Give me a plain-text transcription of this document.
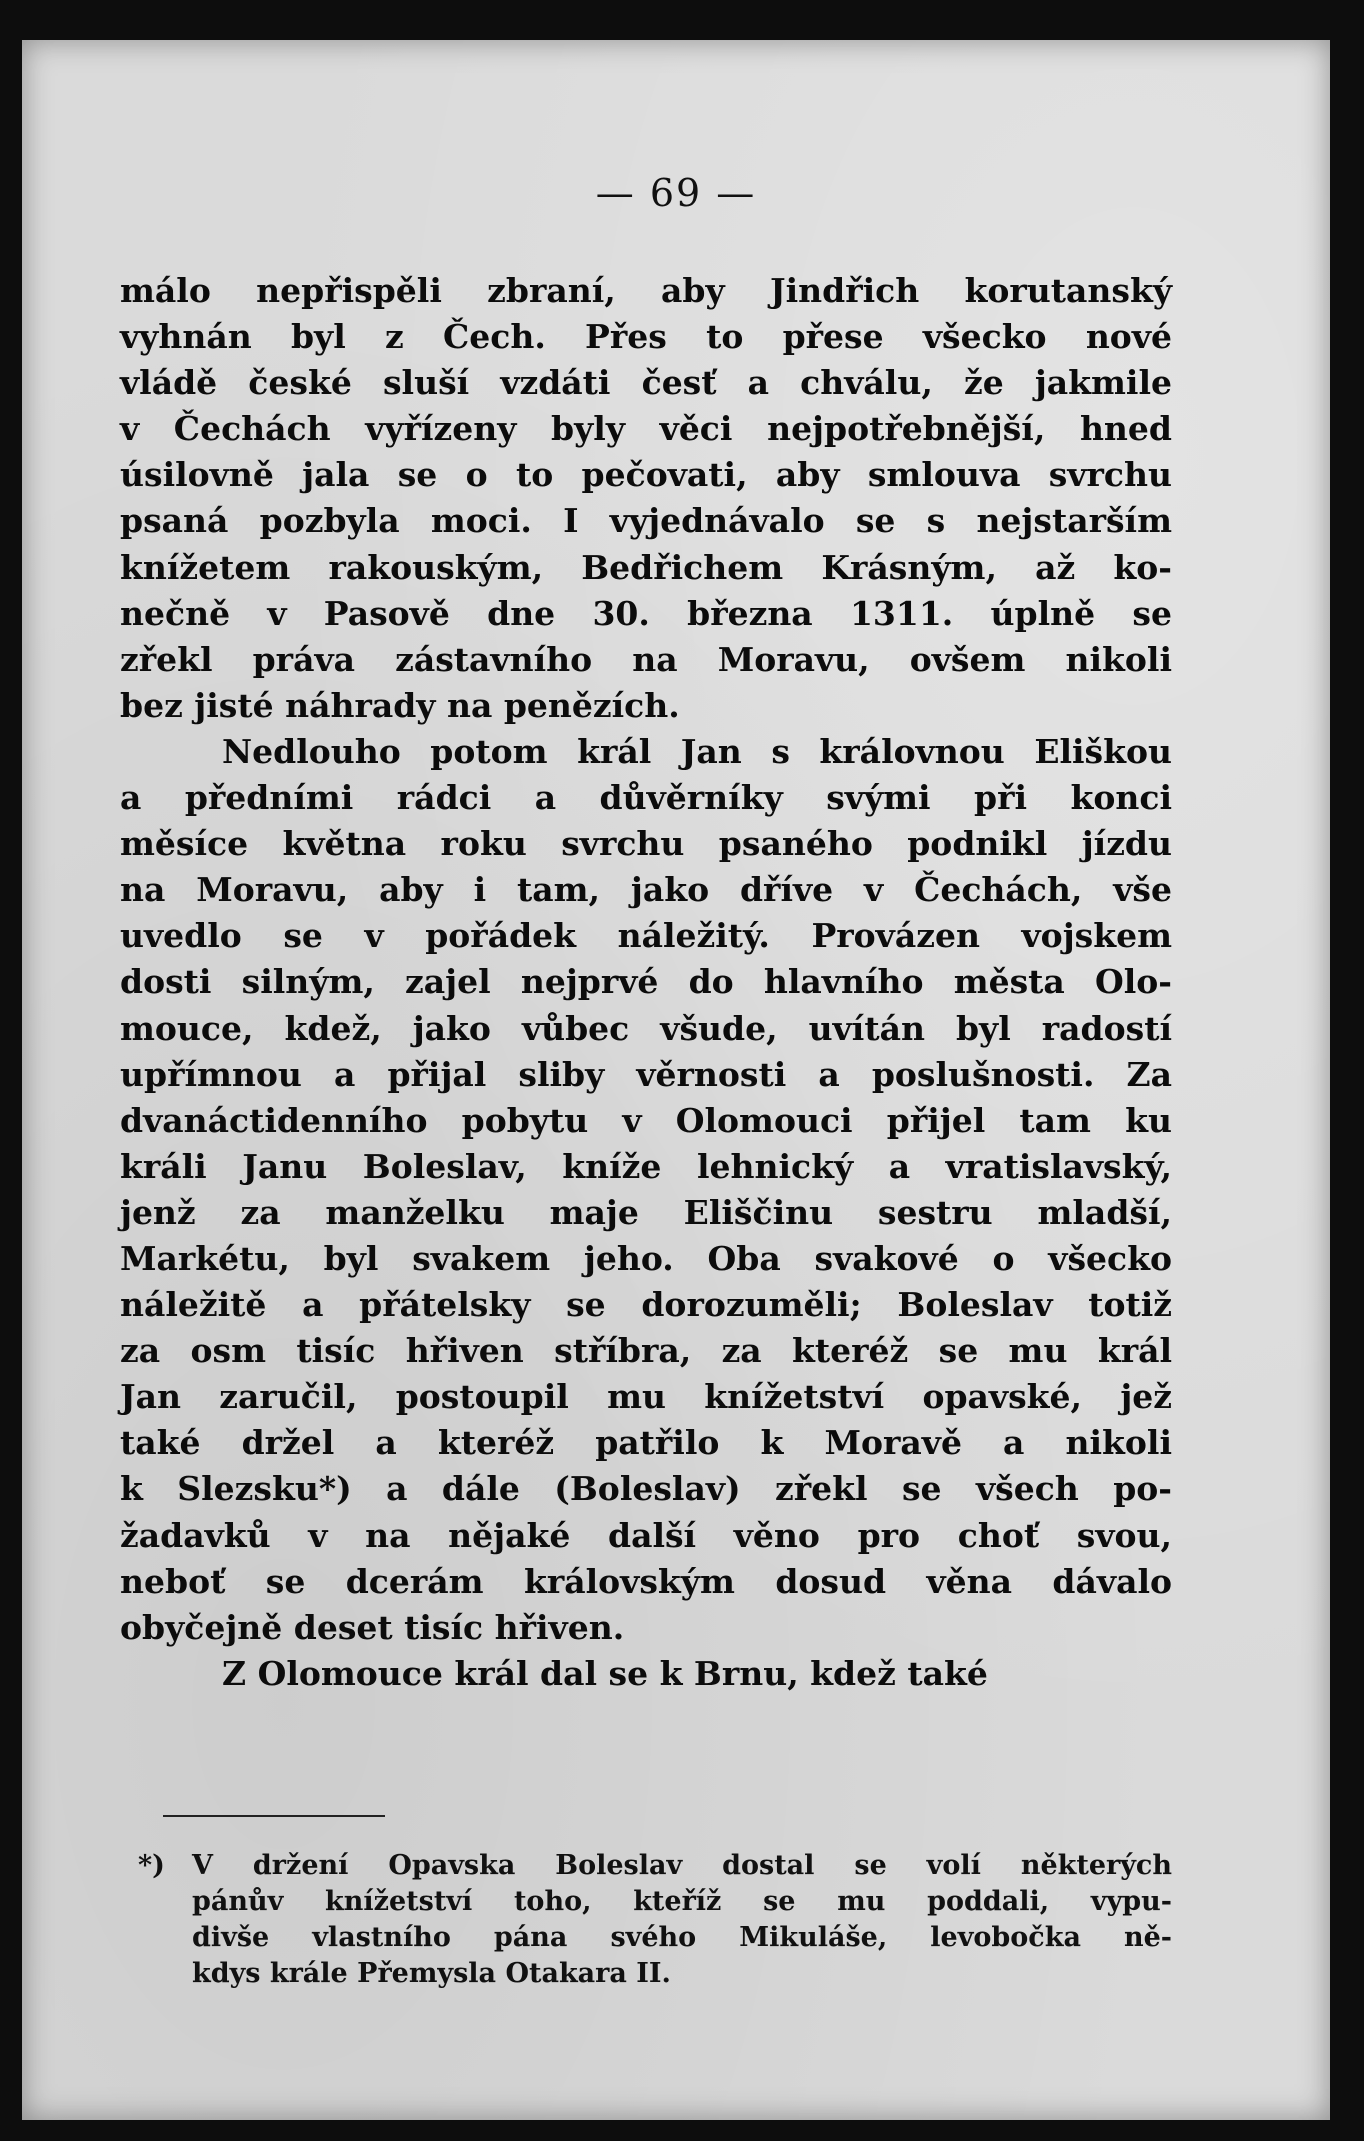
— 69 —

málo nepřispěli zbraní, aby Jindřich korutanský

vyhnán byl z Čech. Přes to přese všecko nové

vládě české sluší vzdáti česť a chválu, že jakmile

v Čechách vyřízeny byly věci nejpotřebnější, hned

úsilovně jala se o to pečovati, aby smlouva svrchu

psaná pozbyla moci. I vyjednávalo se s nejstarším

knížetem rakouským, Bedřichem Krásným, až ko-

nečně v Pasově dne 30. března 1311. úplně se

zřekl práva zástavního na Moravu, ovšem nikoli

bez jisté náhrady na penězích.

Nedlouho potom král Jan s královnou Eliškou

a předními rádci a důvěrníky svými při konci

měsíce května roku svrchu psaného podnikl jízdu

na Moravu, aby i tam, jako dříve v Čechách, vše

uvedlo se v pořádek náležitý. Provázen vojskem

dosti silným, zajel nejprvé do hlavního města Olo-

mouce, kdež, jako vůbec všude, uvítán byl radostí

upřímnou a přijal sliby věrnosti a poslušnosti. Za

dvanáctidenního pobytu v Olomouci přijel tam ku

králi Janu Boleslav, kníže lehnický a vratislavský,

jenž za manželku maje Eliščinu sestru mladší,

Markétu, byl svakem jeho. Oba svakové o všecko

náležitě a přátelsky se dorozuměli; Boleslav totiž

za osm tisíc hřiven stříbra, za kteréž se mu král

Jan zaručil, postoupil mu knížetství opavské, jež

také držel a kteréž patřilo k Moravě a nikoli

k Slezsku*) a dále (Boleslav) zřekl se všech po-

žadavků v na nějaké další věno pro choť svou,

neboť se dcerám královským dosud věna dávalo

obyčejně deset tisíc hřiven.

Z Olomouce král dal se k Brnu, kdež také

*) V držení Opavska Boleslav dostal se volí některých

pánův knížetství toho, kteříž se mu poddali, vypu-

divše vlastního pána svého Mikuláše, levobočka ně-

kdys krále Přemysla Otakara II.
